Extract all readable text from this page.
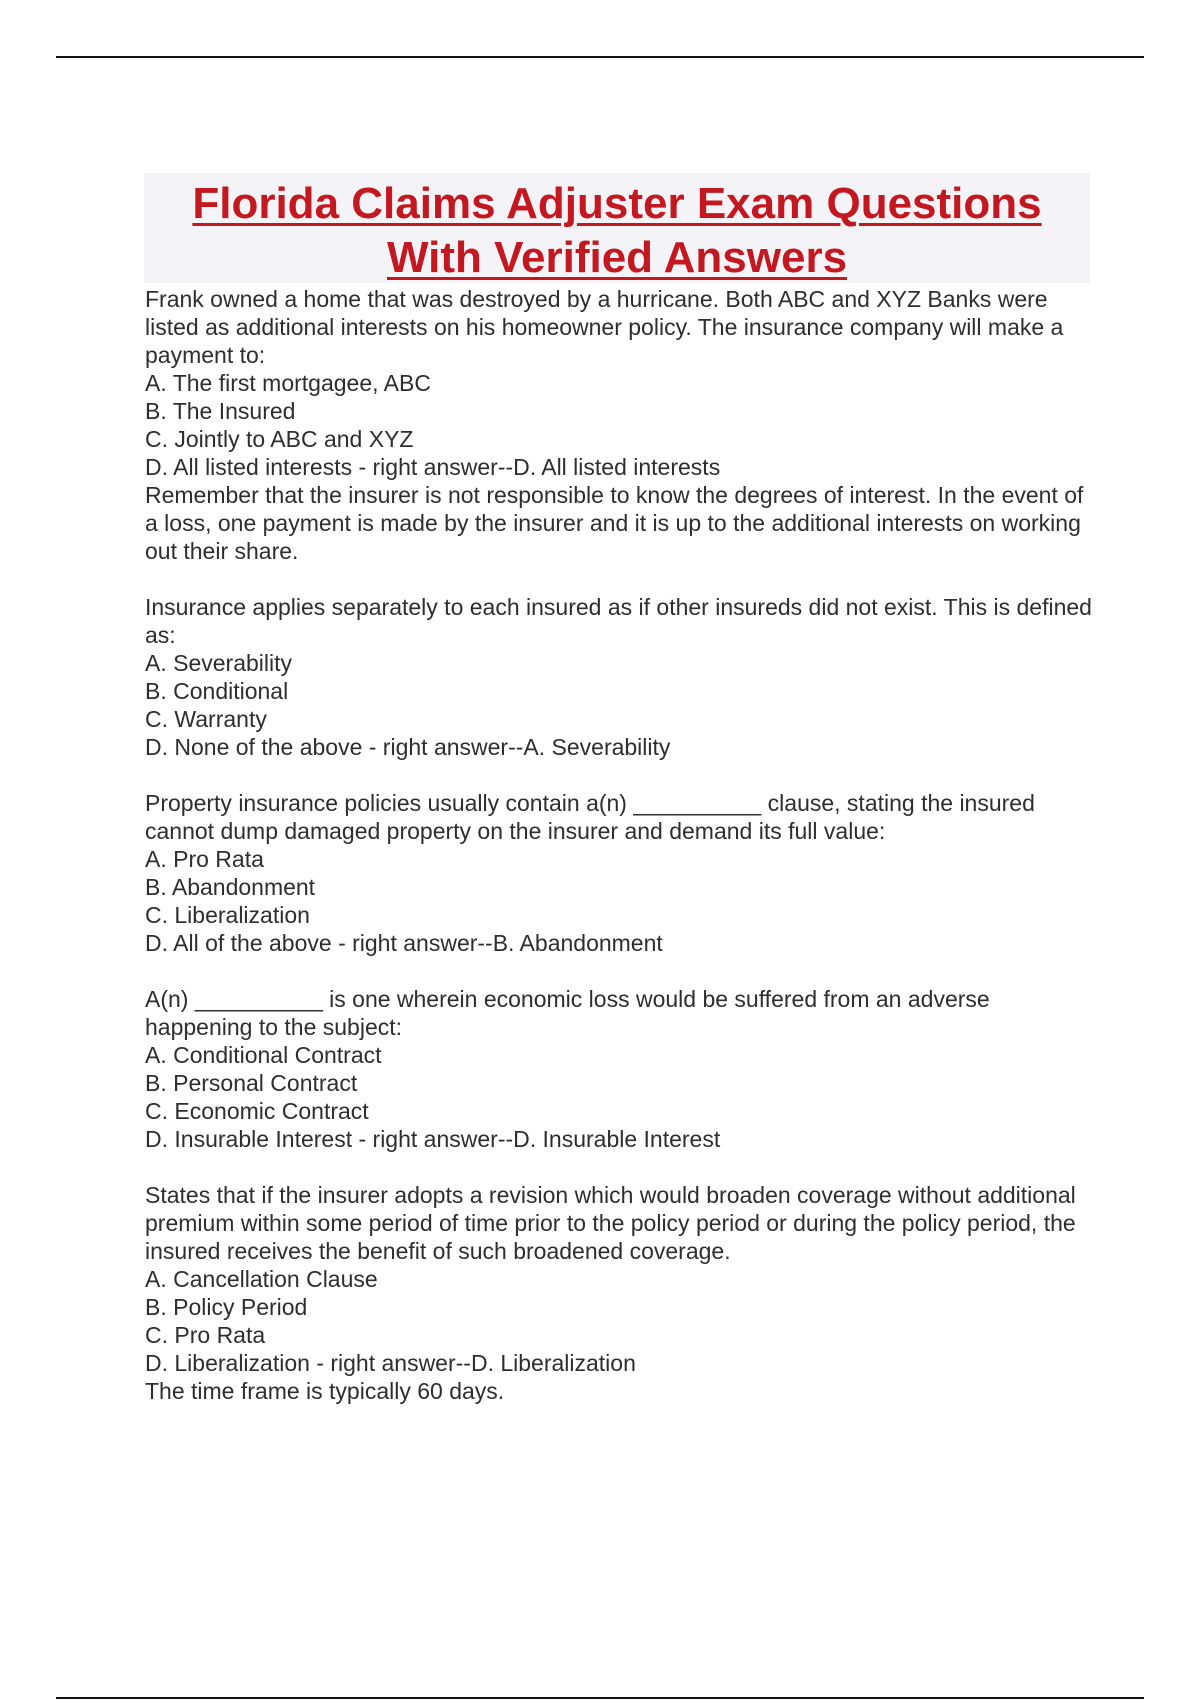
Florida Claims Adjuster Exam Questions
With Verified Answers

Frank owned a home that was destroyed by a hurricane. Both ABC and XYZ Banks were listed as additional interests on his homeowner policy. The insurance company will make a payment to:

A. The first mortgagee, ABC

B. The Insured

C. Jointly to ABC and XYZ

D. All listed interests - right answer--D. All listed interests

Remember that the insurer is not responsible to know the degrees of interest. In the event of a loss, one payment is made by the insurer and it is up to the additional interests on working out their share.

Insurance applies separately to each insured as if other insureds did not exist. This is defined as:

A. Severability

B. Conditional

C. Warranty

D. None of the above - right answer--A. Severability

Property insurance policies usually contain a(n) __________ clause, stating the insured cannot dump damaged property on the insurer and demand its full value:

A. Pro Rata

B. Abandonment

C. Liberalization

D. All of the above - right answer--B. Abandonment

A(n) __________ is one wherein economic loss would be suffered from an adverse happening to the subject:

A. Conditional Contract

B. Personal Contract

C. Economic Contract

D. Insurable Interest - right answer--D. Insurable Interest

States that if the insurer adopts a revision which would broaden coverage without additional premium within some period of time prior to the policy period or during the policy period, the insured receives the benefit of such broadened coverage.

A. Cancellation Clause

B. Policy Period

C. Pro Rata

D. Liberalization - right answer--D. Liberalization

The time frame is typically 60 days.
